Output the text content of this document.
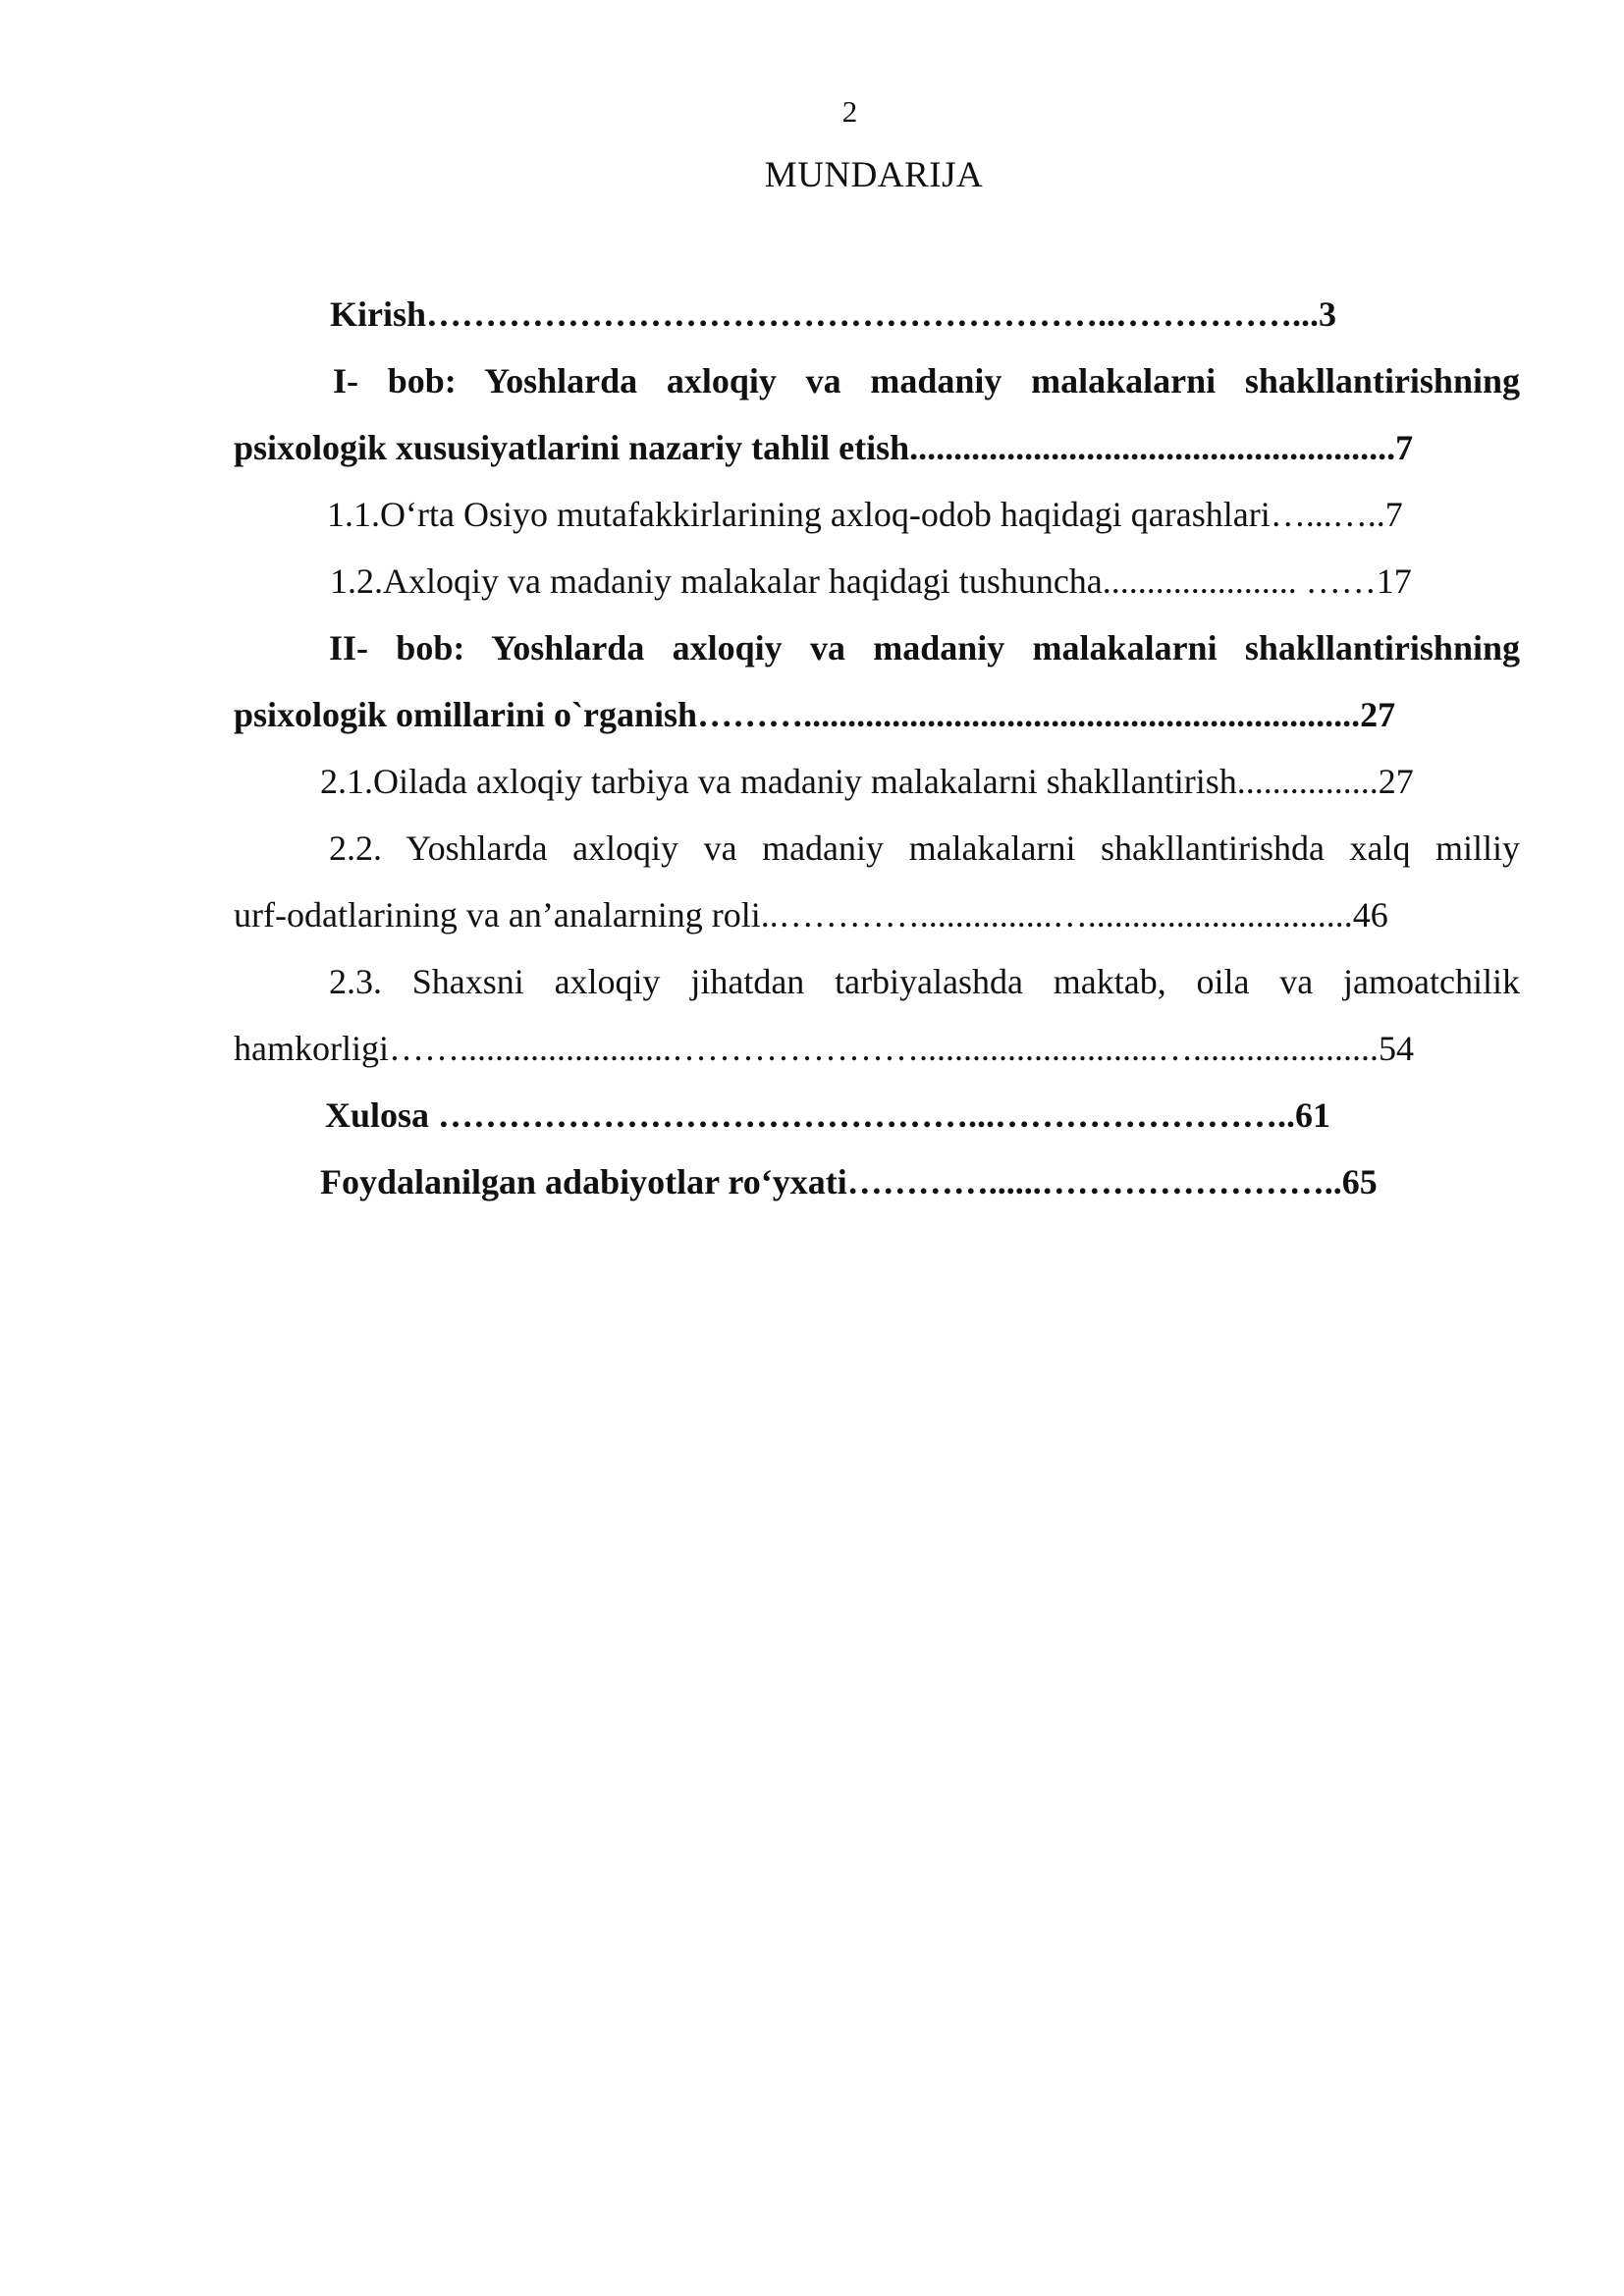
2
MUNDARIJA
Kirish…………………………………………………..……………...3
I- bob: Yoshlarda axloqiy va madaniy malakalarni shakllantirishning
psixologik xususiyatlarini nazariy tahlil etish.......................................................7
1.1.O‘rta Osiyo mutafakkirlarining axloq-odob haqidagi qarashlari…...…..7
1.2.Axloqiy va madaniy malakalar haqidagi tushuncha...................... ……17
II- bob: Yoshlarda axloqiy va madaniy malakalarni shakllantirishning
psixologik omillarini o`rganish………...............................................................27
2.1.Oilada axloqiy tarbiya va madaniy malakalarni shakllantirish................27
2.2. Yoshlarda axloqiy va madaniy malakalarni shakllantirishda xalq milliy
urf-odatlarining va an’analarning roli..…………...............…..............................46
2.3. Shaxsni axloqiy jihatdan tarbiyalashda maktab, oila va jamoatchilik
hamkorligi……........................…………………...........................….....................54
Xulosa ………………………………………...……………………..61
Foydalanilgan adabiyotlar ro‘yxati…………......……………………..65
